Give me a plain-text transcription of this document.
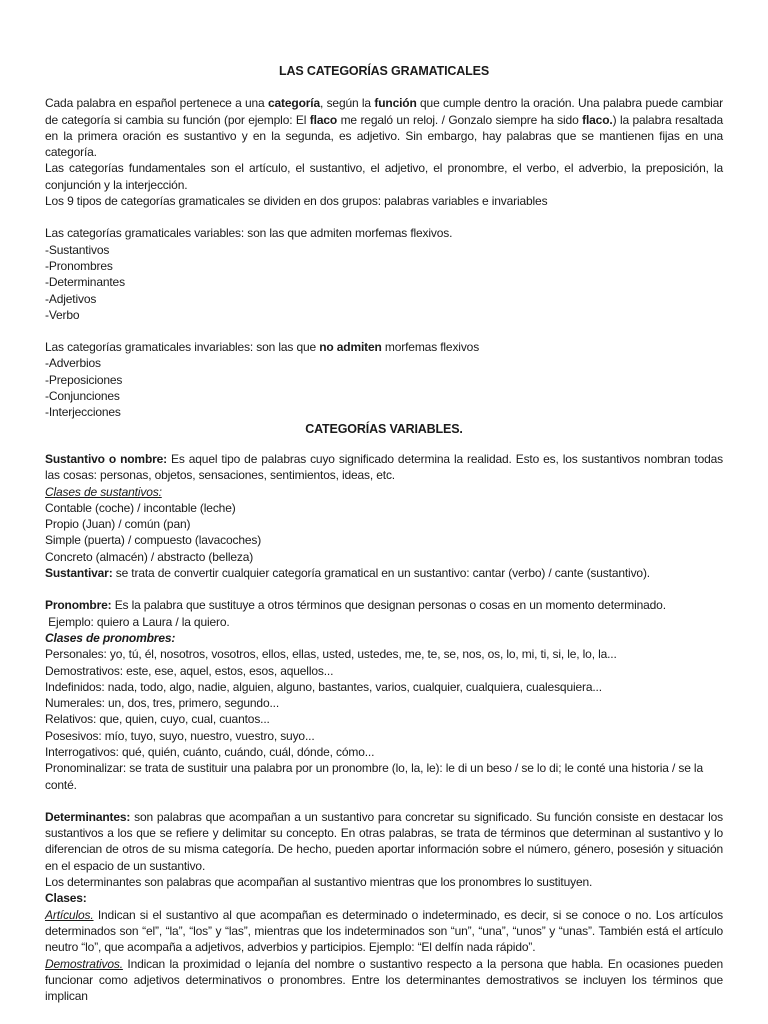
LAS CATEGORÍAS GRAMATICALES

Cada palabra en español pertenece a una categoría, según la función que cumple dentro la oración. Una palabra puede cambiar de categoría si cambia su función (por ejemplo: El flaco me regaló un reloj. / Gonzalo siempre ha sido flaco.) la palabra resaltada en la primera oración es sustantivo y en la segunda, es adjetivo. Sin embargo, hay palabras que se mantienen fijas en una categoría.

Las categorías fundamentales son el artículo, el sustantivo, el adjetivo, el pronombre, el verbo, el adverbio, la preposición, la conjunción y la interjección.

Los 9 tipos de categorías gramaticales se dividen en dos grupos: palabras variables e invariables

Las categorías gramaticales variables: son las que admiten morfemas flexivos.

-Sustantivos

-Pronombres

-Determinantes

-Adjetivos

-Verbo

Las categorías gramaticales invariables: son las que no admiten morfemas flexivos

-Adverbios

-Preposiciones

-Conjunciones

-Interjecciones

CATEGORÍAS VARIABLES.

Sustantivo o nombre: Es aquel tipo de palabras cuyo significado determina la realidad. Esto es, los sustantivos nombran todas las cosas: personas, objetos, sensaciones, sentimientos, ideas, etc.

Clases de sustantivos:

Contable (coche) / incontable (leche)

Propio (Juan) / común (pan)

Simple (puerta) / compuesto (lavacoches)

Concreto (almacén) / abstracto (belleza)

Sustantivar: se trata de convertir cualquier categoría gramatical en un sustantivo: cantar (verbo) / cante (sustantivo).

Pronombre: Es la palabra que sustituye a otros términos que designan personas o cosas en un momento determinado.

Ejemplo: quiero a Laura / la quiero.

Clases de pronombres:

Personales: yo, tú, él, nosotros, vosotros, ellos, ellas, usted, ustedes, me, te, se, nos, os, lo, mi, ti, si, le, lo, la...

Demostrativos: este, ese, aquel, estos, esos, aquellos...

Indefinidos: nada, todo, algo, nadie, alguien, alguno, bastantes, varios, cualquier, cualquiera, cualesquiera...

Numerales: un, dos, tres, primero, segundo...

Relativos: que, quien, cuyo, cual, cuantos...

Posesivos: mío, tuyo, suyo, nuestro, vuestro, suyo...

Interrogativos: qué, quién, cuánto, cuándo, cuál, dónde, cómo...

Pronominalizar: se trata de sustituir una palabra por un pronombre (lo, la, le): le di un beso / se lo di; le conté una historia / se la conté.

Determinantes: son palabras que acompañan a un sustantivo para concretar su significado. Su función consiste en destacar los sustantivos a los que se refiere y delimitar su concepto. En otras palabras, se trata de términos que determinan al sustantivo y lo diferencian de otros de su misma categoría. De hecho, pueden aportar información sobre el número, género, posesión y situación en el espacio de un sustantivo.

Los determinantes son palabras que acompañan al sustantivo mientras que los pronombres lo sustituyen.

Clases:

Artículos. Indican si el sustantivo al que acompañan es determinado o indeterminado, es decir, si se conoce o no. Los artículos determinados son “el”, “la”, “los” y “las”, mientras que los indeterminados son “un”, “una”, “unos” y “unas”. También está el artículo neutro “lo”, que acompaña a adjetivos, adverbios y participios. Ejemplo: “El delfín nada rápido”.

Demostrativos. Indican la proximidad o lejanía del nombre o sustantivo respecto a la persona que habla. En ocasiones pueden funcionar como adjetivos determinativos o pronombres. Entre los determinantes demostrativos se incluyen los términos que implican
